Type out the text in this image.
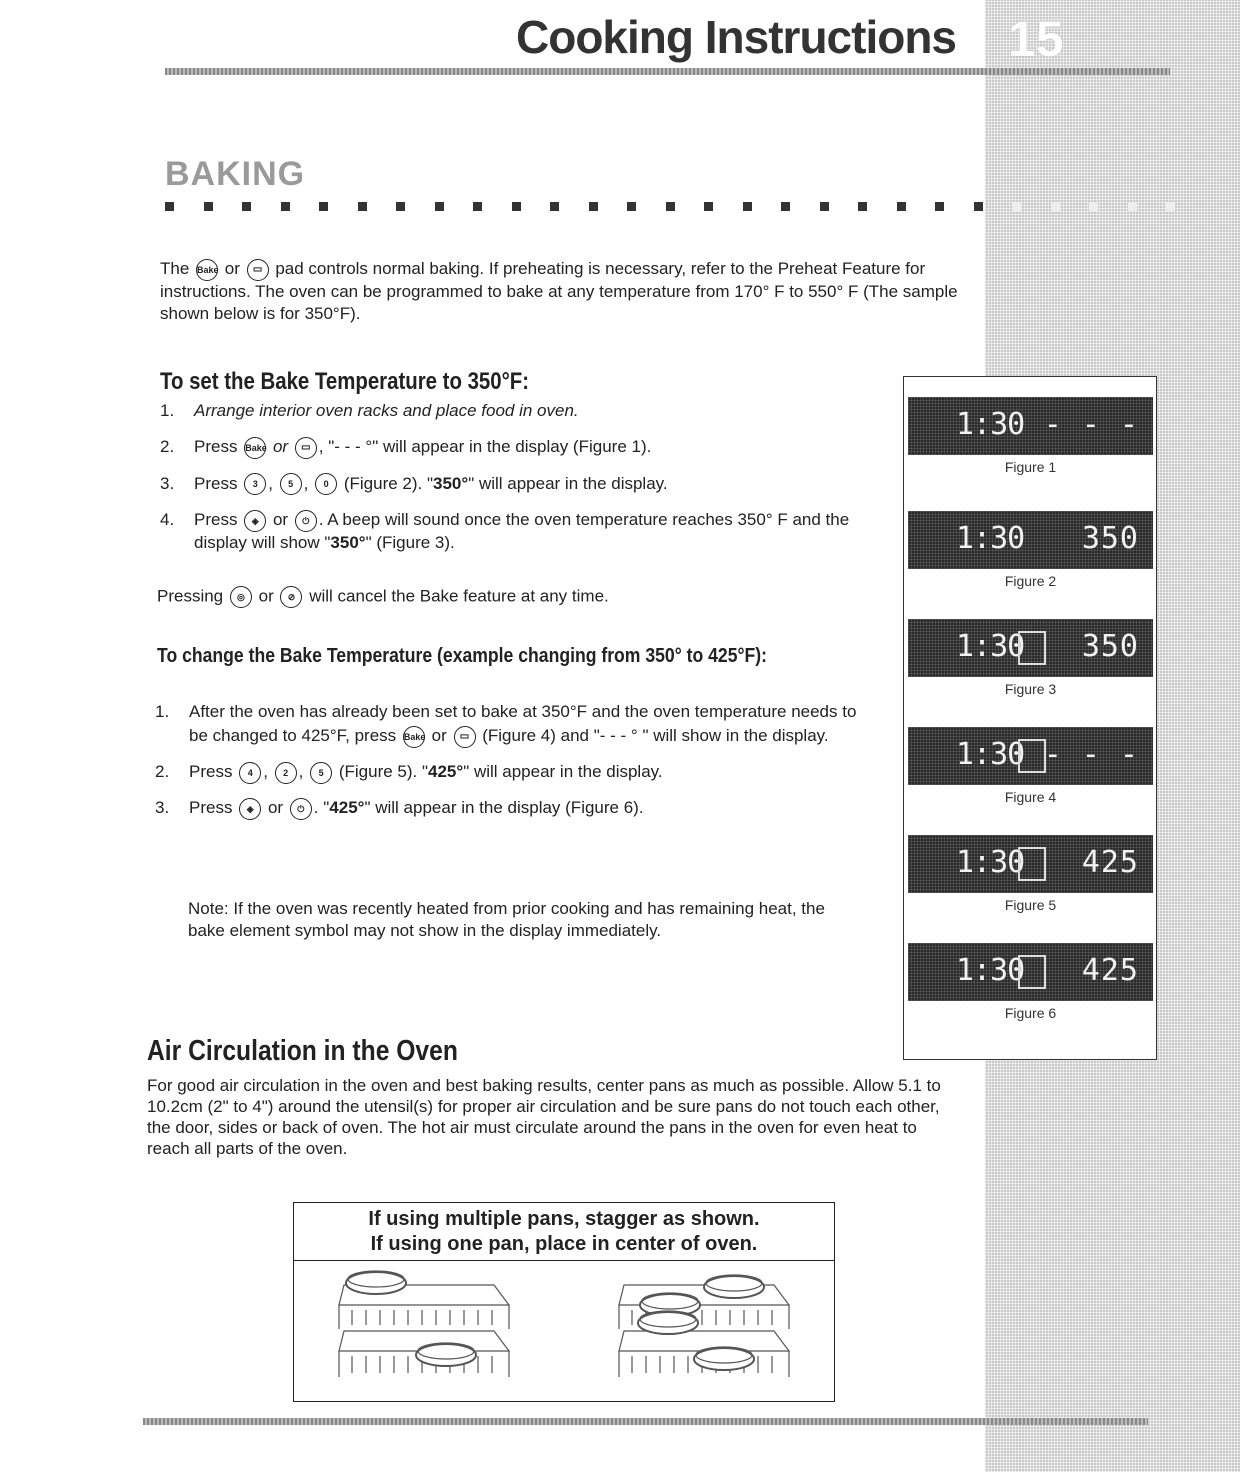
Cooking Instructions 15
BAKING
The Bake or ▭ pad controls normal baking. If preheating is necessary, refer to the Preheat Feature for instructions. The oven can be programmed to bake at any temperature from 170° F to 550° F (The sample shown below is for 350°F).
To set the Bake Temperature to 350°F:
1. Arrange interior oven racks and place food in oven.
2. Press Bake or ▭ , "- - - °" will appear in the display (Figure 1).
3. Press 3 , 5 , 0 (Figure 2). "350°" will appear in the display.
4. Press ◈ or ⏻ . A beep will sound once the oven temperature reaches 350° F and the display will show "350°" (Figure 3).
Pressing ◎ or ⊘ will cancel the Bake feature at any time.
To change the Bake Temperature (example changing from 350° to 425°F):
1. After the oven has already been set to bake at 350°F and the oven temperature needs to be changed to 425°F, press Bake or ▭ (Figure 4) and "- - - ° " will show in the display.
2. Press 4 , 2 , 5 (Figure 5). "425°" will appear in the display.
3. Press ◈ or ⏻ . "425°" will appear in the display (Figure 6).
Note: If the oven was recently heated from prior cooking and has remaining heat, the bake element symbol may not show in the display immediately.
1:30 - - -
Figure 1
1:30 350
Figure 2
1:30 350
Figure 3
1:30 - - -
Figure 4
1:30 425
Figure 5
1:30 425
Figure 6
Air Circulation in the Oven
For good air circulation in the oven and best baking results, center pans as much as possible. Allow 5.1 to 10.2cm (2" to 4") around the utensil(s) for proper air circulation and be sure pans do not touch each other, the door, sides or back of oven. The hot air must circulate around the pans in the oven for even heat to reach all parts of the oven.
If using multiple pans, stagger as shown.
If using one pan, place in center of oven.
